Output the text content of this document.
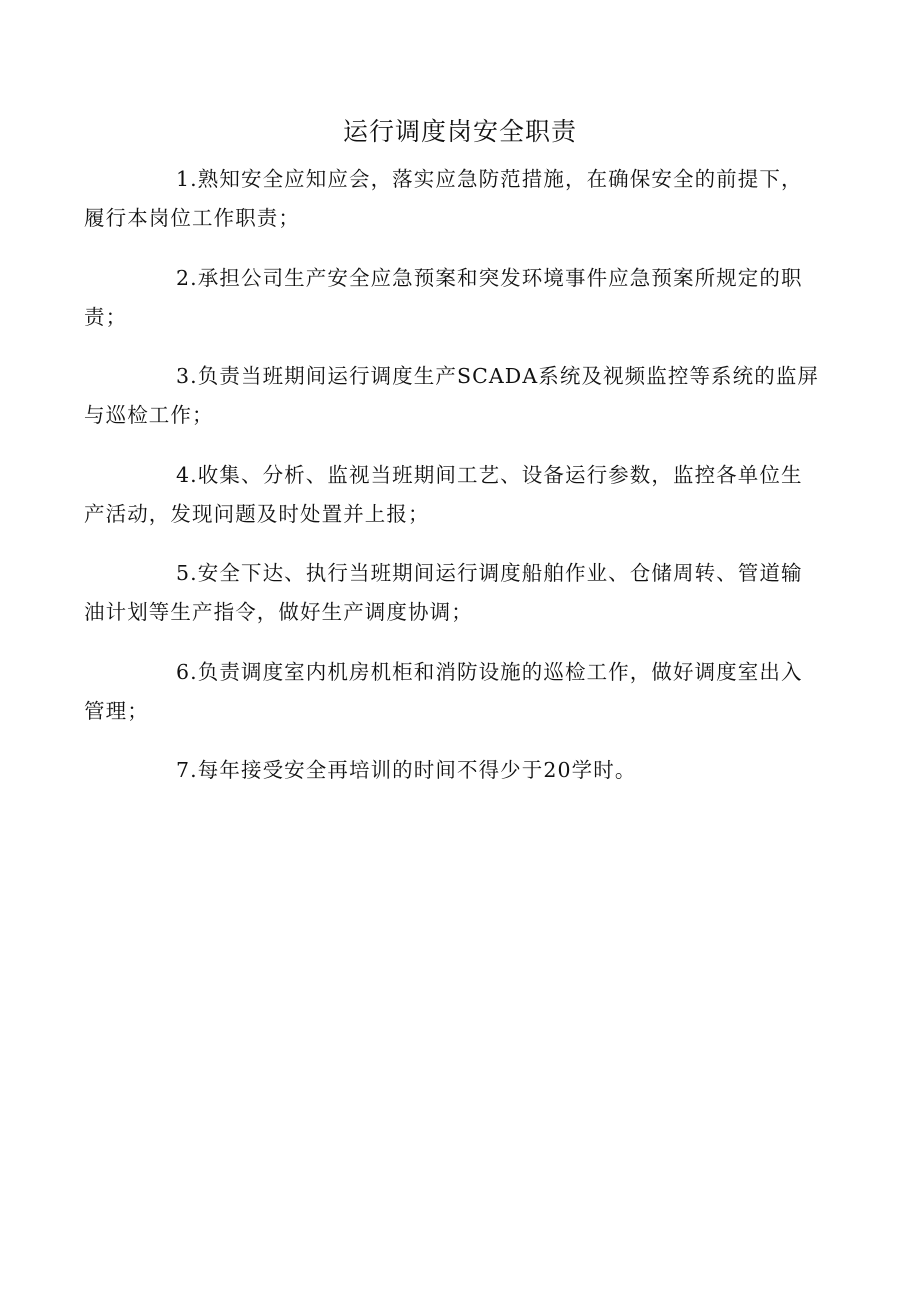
运行调度岗安全职责

1.熟知安全应知应会，落实应急防范措施，在确保安全的前提下，履行本岗位工作职责；

2.承担公司生产安全应急预案和突发环境事件应急预案所规定的职责；

3.负责当班期间运行调度生产SCADA系统及视频监控等系统的监屏与巡检工作；

4.收集、分析、监视当班期间工艺、设备运行参数，监控各单位生产活动，发现问题及时处置并上报；

5.安全下达、执行当班期间运行调度船舶作业、仓储周转、管道输油计划等生产指令，做好生产调度协调；

6.负责调度室内机房机柜和消防设施的巡检工作，做好调度室出入管理；

7.每年接受安全再培训的时间不得少于20学时。
